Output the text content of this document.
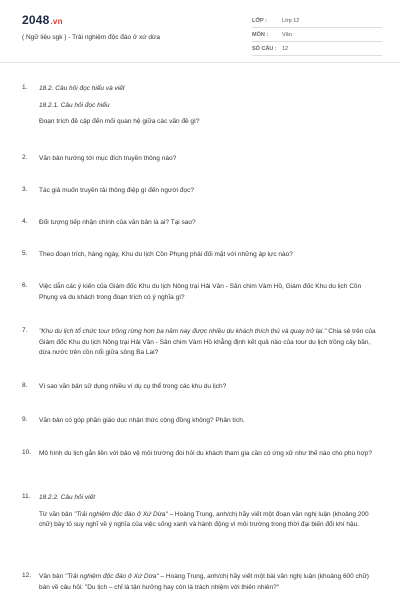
2048.vn
( Ngữ liệu sgk ) - Trải nghiệm độc đáo ở xứ dừa
LỚP :	Lớp 12
MÔN :	Văn
SỐ CÂU : 12
1. 18.2. Câu hỏi đọc hiểu và viết
18.2.1. Câu hỏi đọc hiểu
Đoạn trích đề cập đến mối quan hệ giữa các vấn đề gì?
2. Văn bản hướng tới mục đích truyền thông nào?
3. Tác giả muốn truyền tải thông điệp gì đến người đọc?
4. Đối tượng tiếp nhận chính của văn bản là ai? Tại sao?
5. Theo đoạn trích, hàng ngày, Khu du lịch Cồn Phụng phải đối mặt với những áp lực nào?
6. Việc dẫn các ý kiến của Giám đốc Khu du lịch Nông trại Hải Vân - Sân chim Vàm Hồ, Giám đốc Khu du lịch Cồn Phụng và du khách trong đoạn trích có ý nghĩa gì?
7. "Khu du lịch tổ chức tour trồng rừng hơn ba năm nay được nhiều du khách thích thú và quay trở lại." Chia sẻ trên của Giám đốc Khu du lịch Nông trại Hải Vân - Sân chim Vàm Hồ khẳng định kết quả nào của tour du lịch trồng cây bần, dừa nước trên cồn nổi giữa sông Ba Lai?
8. Vì sao văn bản sử dụng nhiều ví dụ cụ thể trong các khu du lịch?
9. Văn bản có góp phần giáo dục nhận thức cộng đồng không? Phân tích.
10. Mô hình du lịch gắn liền với bảo vệ môi trường đòi hỏi du khách tham gia cần có ứng xử như thế nào cho phù hợp?
11. 18.2.2. Câu hỏi viết
Từ văn bản "Trải nghiệm độc đáo ở Xứ Dừa" – Hoàng Trung, anh/chị hãy viết một đoạn văn nghị luận (khoảng 200 chữ) bày tỏ suy nghĩ về ý nghĩa của việc sống xanh và hành động vì môi trường trong thời đại biến đổi khí hậu.
12. Văn bản "Trải nghiệm độc đáo ở Xứ Dừa" – Hoàng Trung, anh/chị hãy viết một bài văn nghị luận (khoảng 600 chữ) bàn về câu hỏi: "Du lịch – chỉ là tận hưởng hay còn là trách nhiệm với thiên nhiên?"
